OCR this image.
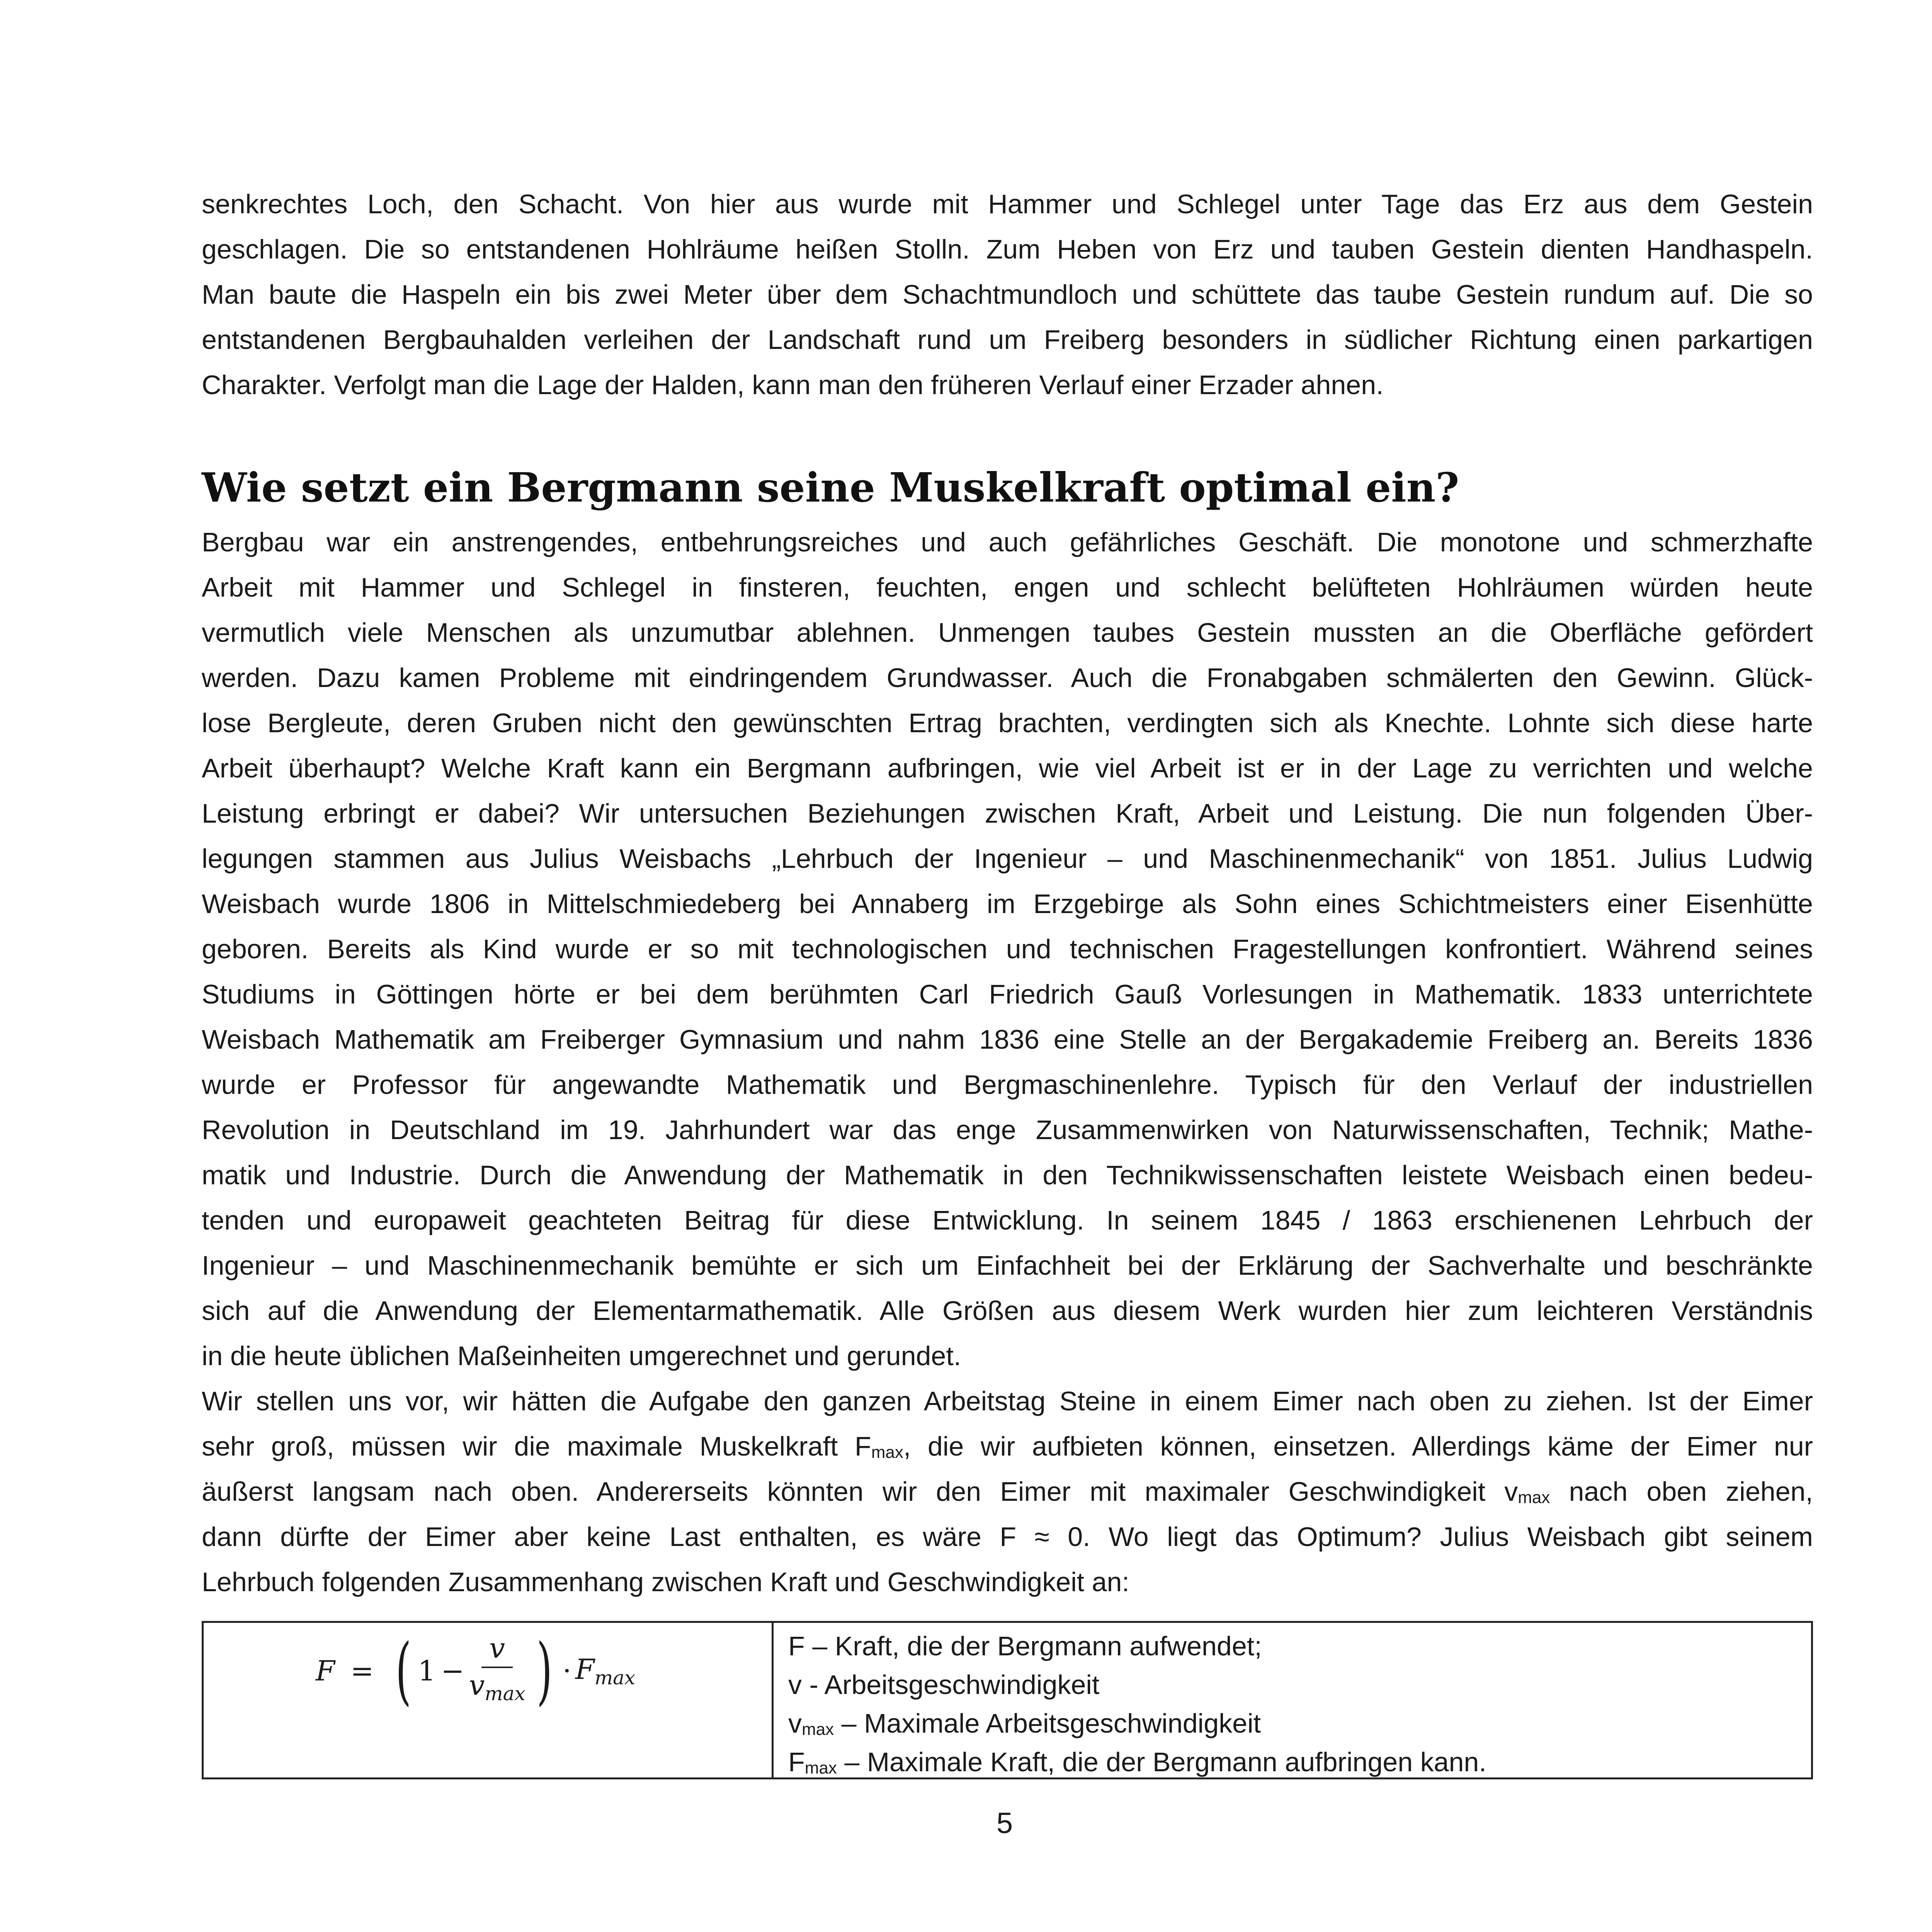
senkrechtes Loch, den Schacht. Von hier aus wurde mit Hammer und Schlegel unter Tage das Erz aus dem Gestein
geschlagen. Die so entstandenen Hohlräume heißen Stolln. Zum Heben von Erz und tauben Gestein dienten Handhaspeln.
Man baute die Haspeln ein bis zwei Meter über dem Schachtmundloch und schüttete das taube Gestein rundum auf. Die so
entstandenen Bergbauhalden verleihen der Landschaft rund um Freiberg besonders in südlicher Richtung einen parkartigen
Charakter. Verfolgt man die Lage der Halden, kann man den früheren Verlauf einer Erzader ahnen.

Wie setzt ein Bergmann seine Muskelkraft optimal ein?

Bergbau war ein anstrengendes, entbehrungsreiches und auch gefährliches Geschäft. Die monotone und schmerzhafte
Arbeit mit Hammer und Schlegel in finsteren, feuchten, engen und schlecht belüfteten Hohlräumen würden heute
vermutlich viele Menschen als unzumutbar ablehnen. Unmengen taubes Gestein mussten an die Oberfläche gefördert
werden. Dazu kamen Probleme mit eindringendem Grundwasser. Auch die Fronabgaben schmälerten den Gewinn. Glück-
lose Bergleute, deren Gruben nicht den gewünschten Ertrag brachten, verdingten sich als Knechte. Lohnte sich diese harte
Arbeit überhaupt? Welche Kraft kann ein Bergmann aufbringen, wie viel Arbeit ist er in der Lage zu verrichten und welche
Leistung erbringt er dabei? Wir untersuchen Beziehungen zwischen Kraft, Arbeit und Leistung. Die nun folgenden Über-
legungen stammen aus Julius Weisbachs „Lehrbuch der Ingenieur – und Maschinenmechanik“ von 1851. Julius Ludwig
Weisbach wurde 1806 in Mittelschmiedeberg bei Annaberg im Erzgebirge als Sohn eines Schichtmeisters einer Eisenhütte
geboren. Bereits als Kind wurde er so mit technologischen und technischen Fragestellungen konfrontiert. Während seines
Studiums in Göttingen hörte er bei dem berühmten Carl Friedrich Gauß Vorlesungen in Mathematik. 1833 unterrichtete
Weisbach Mathematik am Freiberger Gymnasium und nahm 1836 eine Stelle an der Bergakademie Freiberg an. Bereits 1836
wurde er Professor für angewandte Mathematik und Bergmaschinenlehre. Typisch für den Verlauf der industriellen
Revolution in Deutschland im 19. Jahrhundert war das enge Zusammenwirken von Naturwissenschaften, Technik; Mathe-
matik und Industrie. Durch die Anwendung der Mathematik in den Technikwissenschaften leistete Weisbach einen bedeu-
tenden und europaweit geachteten Beitrag für diese Entwicklung. In seinem 1845 / 1863 erschienenen Lehrbuch der
Ingenieur – und Maschinenmechanik bemühte er sich um Einfachheit bei der Erklärung der Sachverhalte und beschränkte
sich auf die Anwendung der Elementarmathematik. Alle Größen aus diesem Werk wurden hier zum leichteren Verständnis
in die heute üblichen Maßeinheiten umgerechnet und gerundet.

Wir stellen uns vor, wir hätten die Aufgabe den ganzen Arbeitstag Steine in einem Eimer nach oben zu ziehen. Ist der Eimer
sehr groß, müssen wir die maximale Muskelkraft $F_{max}$, die wir aufbieten können, einsetzen. Allerdings käme der Eimer nur
äußerst langsam nach oben. Andererseits könnten wir den Eimer mit maximaler Geschwindigkeit $v_{max}$ nach oben ziehen,
dann dürfte der Eimer aber keine Last enthalten, es wäre F ≈ 0. Wo liegt das Optimum? Julius Weisbach gibt seinem
Lehrbuch folgenden Zusammenhang zwischen Kraft und Geschwindigkeit an:

F = ( $1 - \frac{v}{v_{max}}$ ) · $F_{max}$
F – Kraft, die der Bergmann aufwendet;
v - Arbeitsgeschwindigkeit
$v_{max}$ – Maximale Arbeitsgeschwindigkeit
$F_{max}$ – Maximale Kraft, die der Bergmann aufbringen kann.
5
